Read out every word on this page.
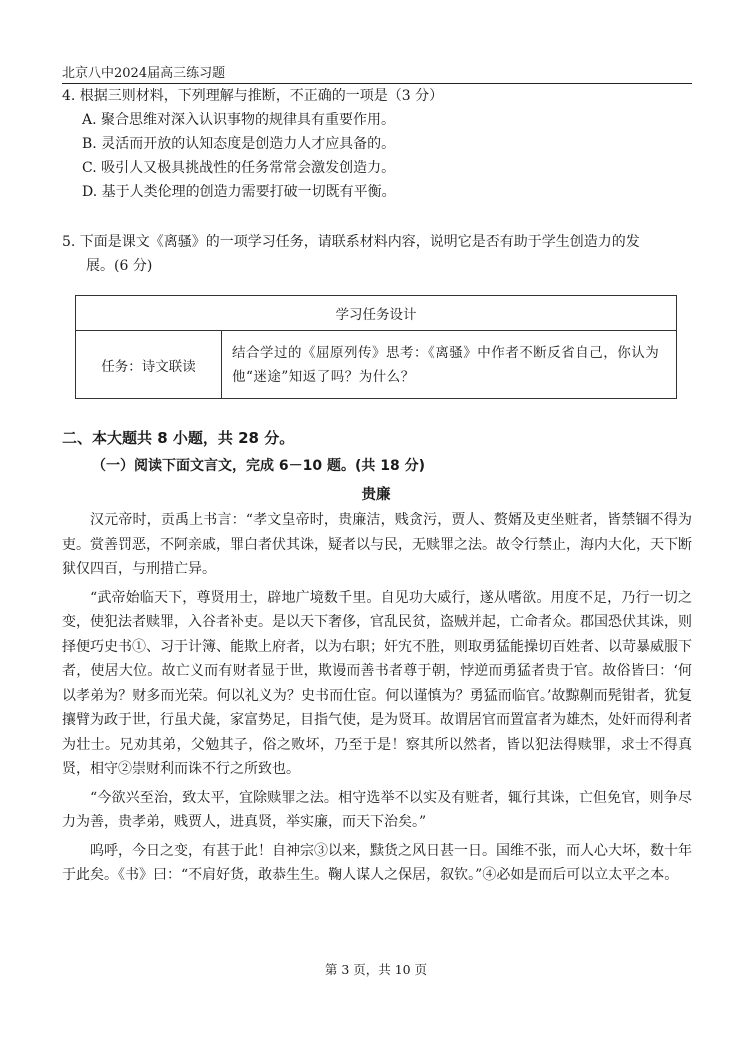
北京八中2024届高三练习题
4. 根据三则材料，下列理解与推断，不正确的一项是（3 分）
A. 聚合思维对深入认识事物的规律具有重要作用。
B. 灵活而开放的认知态度是创造力人才应具备的。
C. 吸引人又极具挑战性的任务常常会激发创造力。
D. 基于人类伦理的创造力需要打破一切既有平衡。
5. 下面是课文《离骚》的一项学习任务，请联系材料内容，说明它是否有助于学生创造力的发
展。(6 分)
学习任务设计
任务：诗文联读	结合学过的《屈原列传》思考：《离骚》中作者不断反省自己，你认为他“迷途”知返了吗？为什么？
二、本大题共 8 小题，共 28 分。
（一）阅读下面文言文，完成 6－10 题。(共 18 分)
贵廉

汉元帝时，贡禹上书言：“孝文皇帝时，贵廉洁，贱贪污，贾人、赘婿及吏坐赃者，皆禁锢不得为吏。赏善罚恶，不阿亲戚，罪白者伏其诛，疑者以与民，无赎罪之法。故令行禁止，海内大化，天下断狱仅四百，与刑措亡异。

“武帝始临天下，尊贤用士，辟地广境数千里。自见功大威行，遂从嗜欲。用度不足，乃行一切之变，使犯法者赎罪，入谷者补吏。是以天下奢侈，官乱民贫，盗贼并起，亡命者众。郡国恐伏其诛，则择便巧史书①、习于计簿、能欺上府者，以为右职；奸宄不胜，则取勇猛能操切百姓者、以苛暴威服下者，使居大位。故亡义而有财者显于世，欺谩而善书者尊于朝，悖逆而勇猛者贵于官。故俗皆曰：‘何以孝弟为？财多而光荣。何以礼义为？史书而仕宦。何以谨慎为？勇猛而临官。’故黥劓而髡钳者，犹复攘臂为政于世，行虽犬彘，家富势足，目指气使，是为贤耳。故谓居官而置富者为雄杰，处奸而得利者为壮士。兄劝其弟，父勉其子，俗之败坏，乃至于是！察其所以然者，皆以犯法得赎罪，求士不得真贤，相守②崇财利而诛不行之所致也。

“今欲兴至治，致太平，宜除赎罪之法。相守选举不以实及有赃者，辄行其诛，亡但免官，则争尽力为善，贵孝弟，贱贾人，进真贤，举实廉，而天下治矣。”

呜呼，今日之变，有甚于此！自神宗③以来，黩货之风日甚一日。国维不张，而人心大坏，数十年于此矣。《书》曰：“不肩好货，敢恭生生。鞠人谋人之保居，叙钦。”④必如是而后可以立太平之本。

第 3 页，共 10 页
